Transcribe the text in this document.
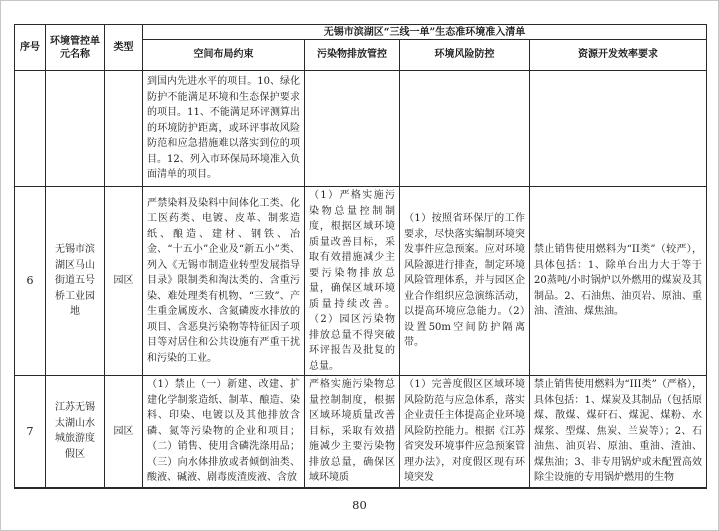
序号	环境管控单元名称	类型	无锡市滨湖区“三线一单”生态准环境准入清单			
			空间布局约束	污染物排放管控	环境风险防控	资源开发效率要求
			到国内先进水平的项目。10、绿化防护不能满足环境和生态保护要求的项目。11、不能满足环评测算出的环境防护距离，或环评事故风险防范和应急措施难以落实到位的项目。12、列入市环保局环境准入负面清单的项目。			
6	无锡市滨湖区马山街道五号桥工业园地	园区	严禁染料及染料中间体化工类、化工医药类、电镀、皮革、制浆造纸、酿造、建材、钢铁、冶金、“十五小”企业及“新五小”类、列入《无锡市制造业转型发展指导目录》限制类和淘汰类的、含重污染、难处理类有机物、“三致”、产生重金属废水、含氮磷废水排放的项目、含恶臭污染物等特征因子项目等对居住和公共设施有严重干扰和污染的工业。	（1）严格实施污染物总量控制制度，根据区域环境质量改善目标，采取有效措施减少主要污染物排放总量，确保区域环境质量持续改善。（2）园区污染物排放总量不得突破环评报告及批复的总量。	（1）按照省环保厅的工作要求，尽快落实编制环境突发事件应急预案。应对环境风险源进行排查，制定环境风险管理体系，并与园区企业合作组织应急演练活动，以提高环境应急能力。（2）设置50m空间防护隔离带。	禁止销售使用燃料为“II类”（较严），具体包括：1、除单台出力大于等于20蒸吨/小时锅炉以外燃用的煤炭及其制品。2、石油焦、油页岩、原油、重油、渣油、煤焦油。
7	江苏无锡太湖山水城旅游度假区	园区	（1）禁止（一）新建、改建、扩建化学制浆造纸、制革、酿造、染料、印染、电镀以及其他排放含磷、氮等污染物的企业和项目；（二）销售、使用含磷洗涤用品；（三）向水体排放或者倾倒油类、酸液、碱液、剧毒废渣废液、含放	严格实施污染物总量控制制度，根据区域环境质量改善目标，采取有效措施减少主要污染物排放总量，确保区域环境质	（1）完善度假区区域环境风险防范与应急体系，落实企业责任主体提高企业环境风险防控能力。根据《江苏省突发环境事件应急预案管理办法》，对度假区现有环境突发	禁止销售使用燃料为“III类”（严格），具体包括：1、煤炭及其制品（包括原煤、散煤、煤矸石、煤泥、煤粉、水煤浆、型煤、焦炭、兰炭等）；2、石油焦、油页岩、原油、重油、渣油、煤焦油；3、非专用锅炉或未配置高效除尘设施的专用锅炉燃用的生物
80
